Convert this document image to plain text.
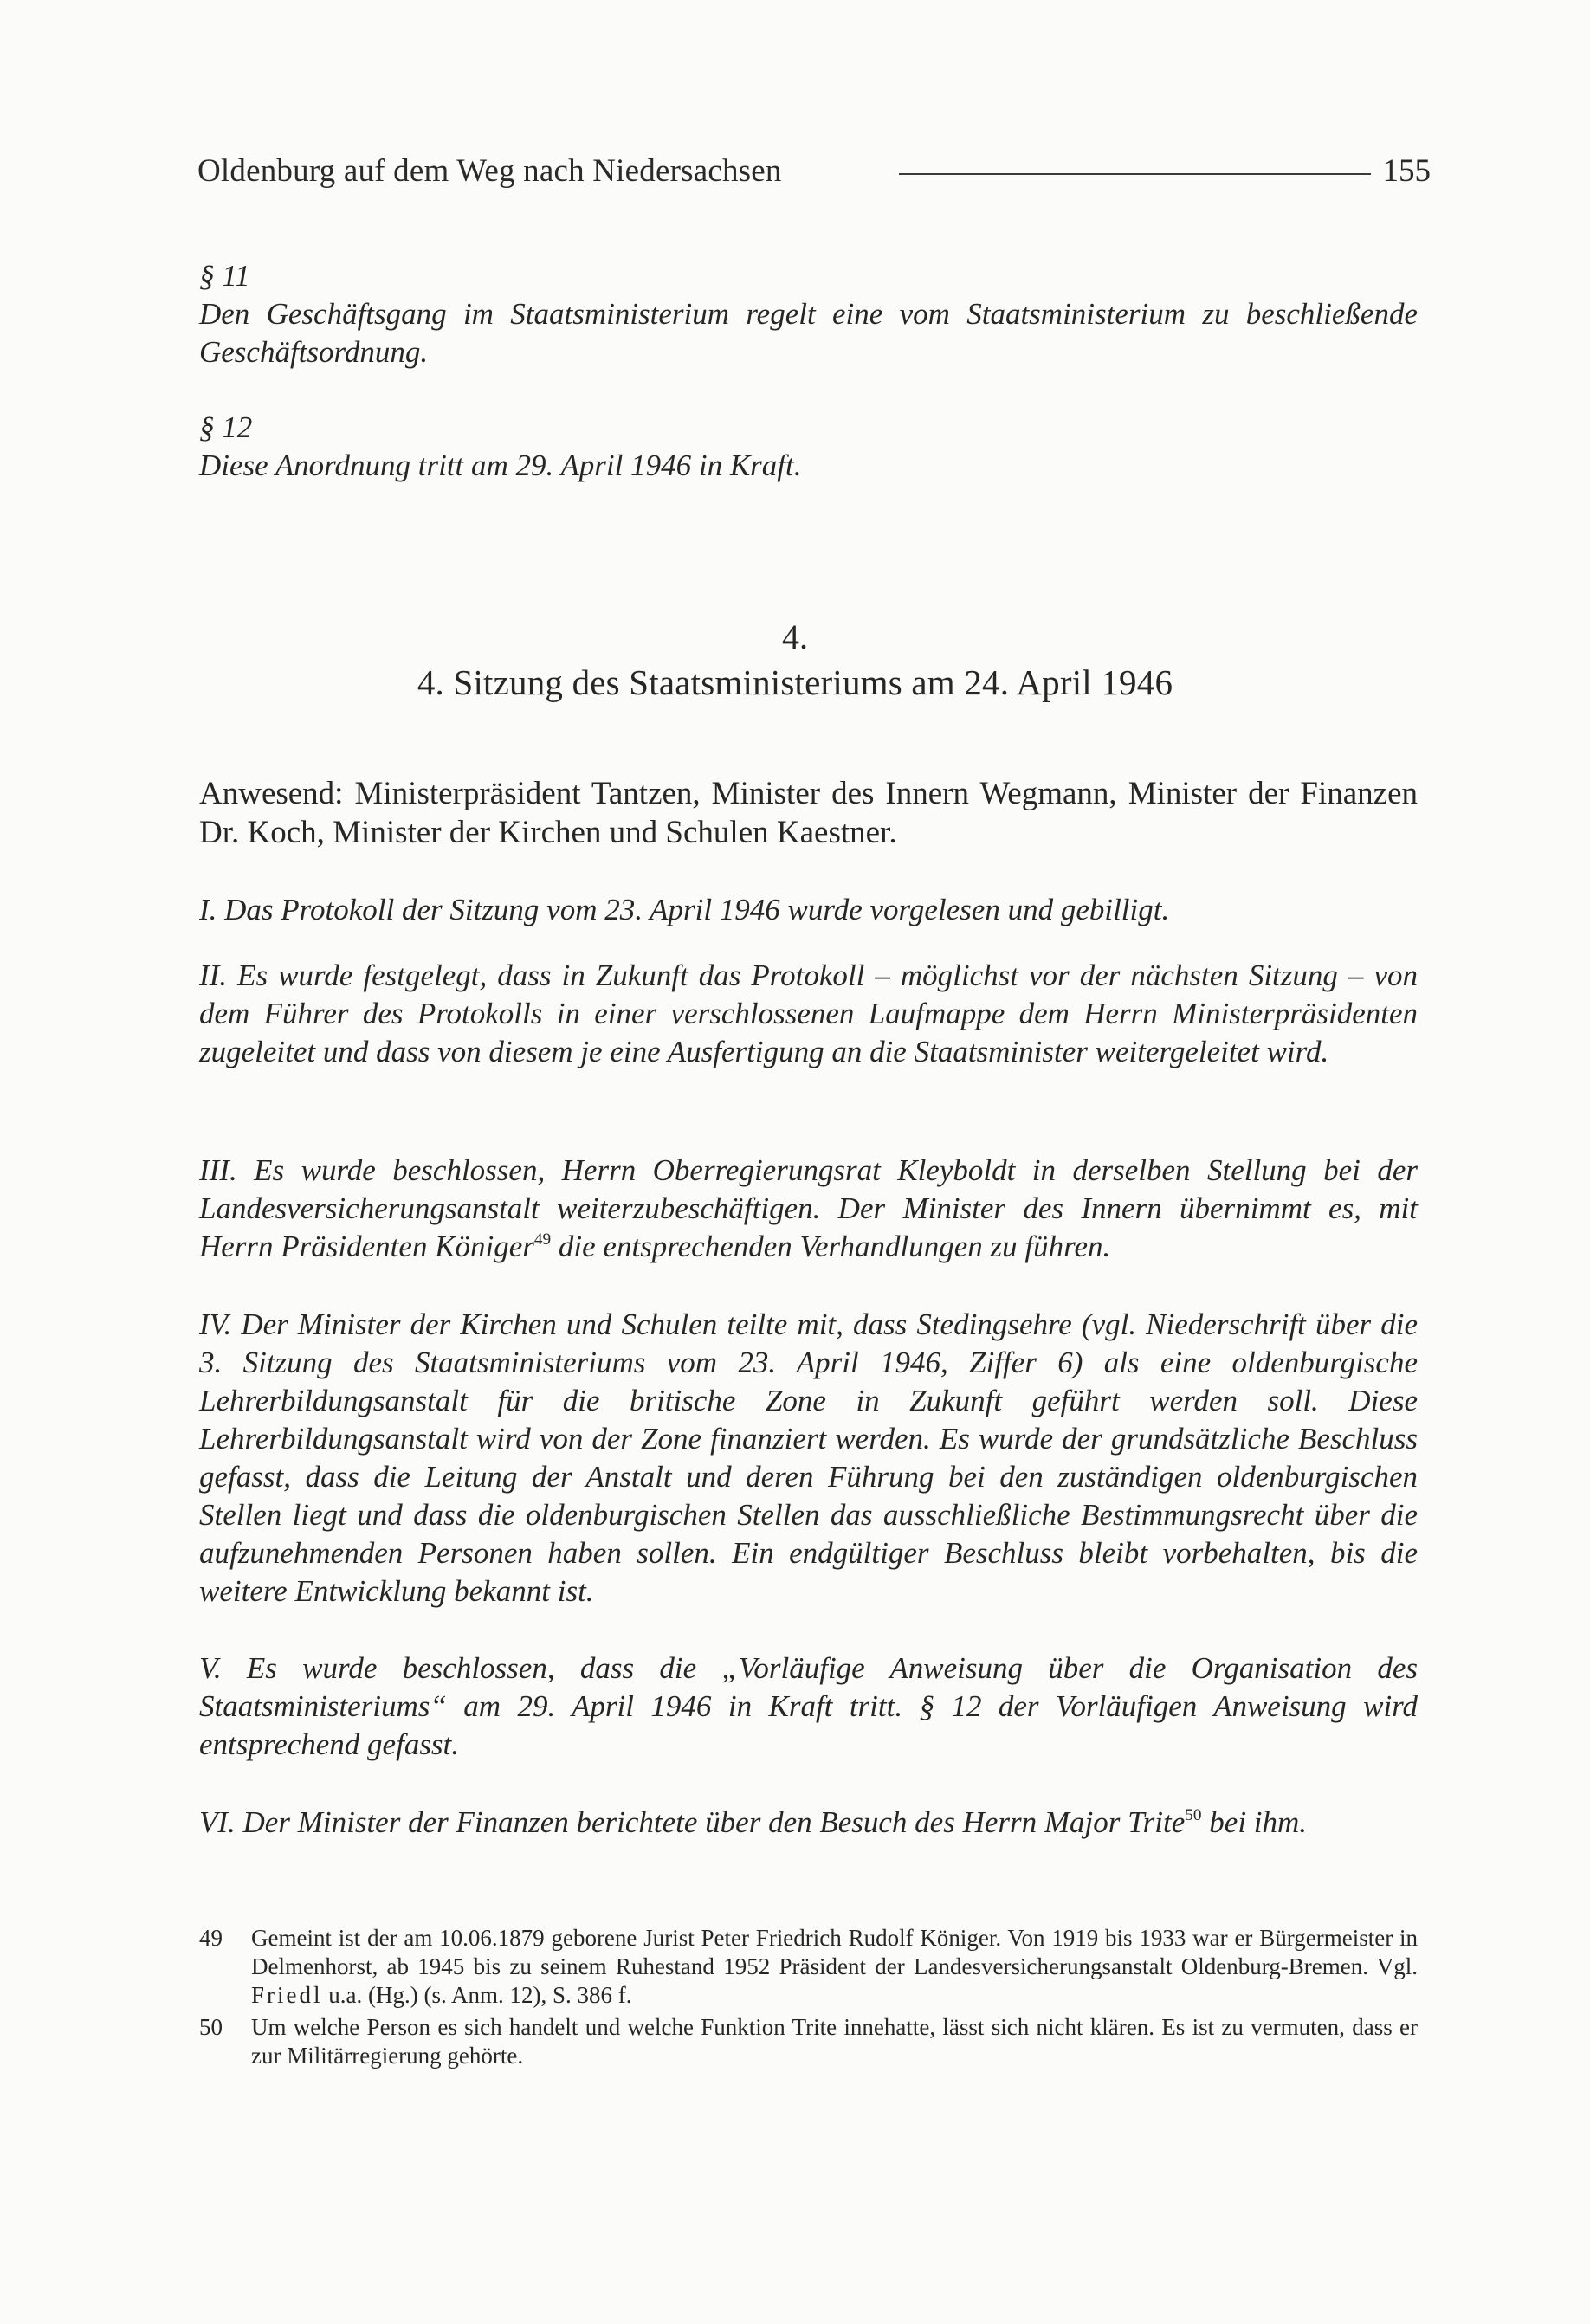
Oldenburg auf dem Weg nach Niedersachsen	155

§ 11

Den Geschäftsgang im Staatsministerium regelt eine vom Staatsministerium zu beschließende Geschäftsordnung.

§ 12

Diese Anordnung tritt am 29. April 1946 in Kraft.

4.
4. Sitzung des Staatsministeriums am 24. April 1946

Anwesend: Ministerpräsident Tantzen, Minister des Innern Wegmann, Minister der Finanzen Dr. Koch, Minister der Kirchen und Schulen Kaestner.

I. Das Protokoll der Sitzung vom 23. April 1946 wurde vorgelesen und gebilligt.

II. Es wurde festgelegt, dass in Zukunft das Protokoll – möglichst vor der nächsten Sitzung – von dem Führer des Protokolls in einer verschlossenen Laufmappe dem Herrn Ministerpräsidenten zugeleitet und dass von diesem je eine Ausfertigung an die Staatsminister weitergeleitet wird.

III. Es wurde beschlossen, Herrn Oberregierungsrat Kleyboldt in derselben Stellung bei der Landesversicherungsanstalt weiterzubeschäftigen. Der Minister des Innern übernimmt es, mit Herrn Präsidenten Königer$^{49}$ die entsprechenden Verhandlungen zu führen.

IV. Der Minister der Kirchen und Schulen teilte mit, dass Stedingsehre (vgl. Niederschrift über die 3. Sitzung des Staatsministeriums vom 23. April 1946, Ziffer 6) als eine oldenburgische Lehrerbildungsanstalt für die britische Zone in Zukunft geführt werden soll. Diese Lehrerbildungsanstalt wird von der Zone finanziert werden. Es wurde der grundsätzliche Beschluss gefasst, dass die Leitung der Anstalt und deren Führung bei den zuständigen oldenburgischen Stellen liegt und dass die oldenburgischen Stellen das ausschließliche Bestimmungsrecht über die aufzunehmenden Personen haben sollen. Ein endgültiger Beschluss bleibt vorbehalten, bis die weitere Entwicklung bekannt ist.

V. Es wurde beschlossen, dass die „Vorläufige Anweisung über die Organisation des Staatsministeriums“ am 29. April 1946 in Kraft tritt. § 12 der Vorläufigen Anweisung wird entsprechend gefasst.

VI. Der Minister der Finanzen berichtete über den Besuch des Herrn Major Trite$^{50}$ bei ihm.

49 Gemeint ist der am 10.06.1879 geborene Jurist Peter Friedrich Rudolf Königer. Von 1919 bis 1933 war er Bürgermeister in Delmenhorst, ab 1945 bis zu seinem Ruhestand 1952 Präsident der Landesversicherungsanstalt Oldenburg-Bremen. Vgl. Friedl u.a. (Hg.) (s. Anm. 12), S. 386 f.
50 Um welche Person es sich handelt und welche Funktion Trite innehatte, lässt sich nicht klären. Es ist zu vermuten, dass er zur Militärregierung gehörte.
